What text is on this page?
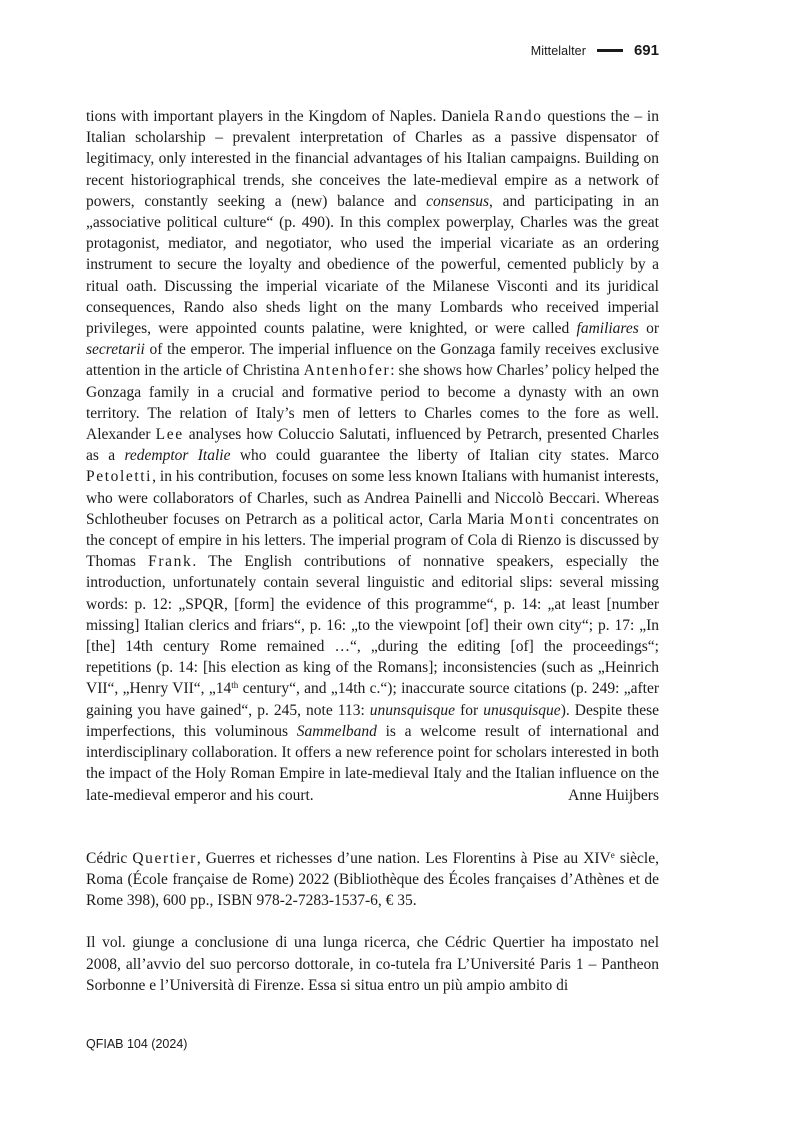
Mittelalter	691

tions with important players in the Kingdom of Naples. Daniela Rando questions the – in Italian scholarship – prevalent interpretation of Charles as a passive dispensator of legitimacy, only interested in the financial advantages of his Italian campaigns. Building on recent historiographical trends, she conceives the late-medieval empire as a network of powers, constantly seeking a (new) balance and consensus, and participating in an „associative political culture“ (p. 490). In this complex powerplay, Charles was the great protagonist, mediator, and negotiator, who used the imperial vicariate as an ordering instrument to secure the loyalty and obedience of the powerful, cemented publicly by a ritual oath. Discussing the imperial vicariate of the Milanese Visconti and its juridical consequences, Rando also sheds light on the many Lombards who received imperial privileges, were appointed counts palatine, were knighted, or were called familiares or secretarii of the emperor. The imperial influence on the Gonzaga family receives exclusive attention in the article of Christina Antenhofer: she shows how Charles’ policy helped the Gonzaga family in a crucial and formative period to become a dynasty with an own territory. The relation of Italy’s men of letters to Charles comes to the fore as well. Alexander Lee analyses how Coluccio Salutati, influenced by Petrarch, presented Charles as a redemptor Italie who could guarantee the liberty of Italian city states. Marco Petoletti, in his contribution, focuses on some less known Italians with humanist interests, who were collaborators of Charles, such as Andrea Painelli and Niccolò Beccari. Whereas Schlotheuber focuses on Petrarch as a political actor, Carla Maria Monti concentrates on the concept of empire in his letters. The imperial program of Cola di Rienzo is discussed by Thomas Frank. The English contributions of nonnative speakers, especially the introduction, unfortunately contain several linguistic and editorial slips: several missing words: p. 12: „SPQR, [form] the evidence of this programme“, p. 14: „at least [number missing] Italian clerics and friars“, p. 16: „to the viewpoint [of] their own city“; p. 17: „In [the] 14th century Rome remained …“, „during the editing [of] the proceedings“; repetitions (p. 14: [his election as king of the Romans]; inconsistencies (such as „Heinrich VII“, „Henry VII“, „14th century“, and „14th c.“); inaccurate source citations (p. 249: „after gaining you have gained“, p. 245, note 113: ununsquisque for unusquisque). Despite these imperfections, this voluminous Sammelband is a welcome result of international and interdisciplinary collaboration. It offers a new reference point for scholars interested in both the impact of the Holy Roman Empire in late-medieval Italy and the Italian influence on the late-medieval emperor and his court.	Anne Huijbers

Cédric Quertier, Guerres et richesses d’une nation. Les Florentins à Pise au XIVe siècle, Roma (École française de Rome) 2022 (Bibliothèque des Écoles françaises d’Athènes et de Rome 398), 600 pp., ISBN 978-2-7283-1537-6, € 35.

Il vol. giunge a conclusione di una lunga ricerca, che Cédric Quertier ha impostato nel 2008, all’avvio del suo percorso dottorale, in co-tutela fra L’Université Paris 1 – Pantheon Sorbonne e l’Università di Firenze. Essa si situa entro un più ampio ambito di

QFIAB 104 (2024)
